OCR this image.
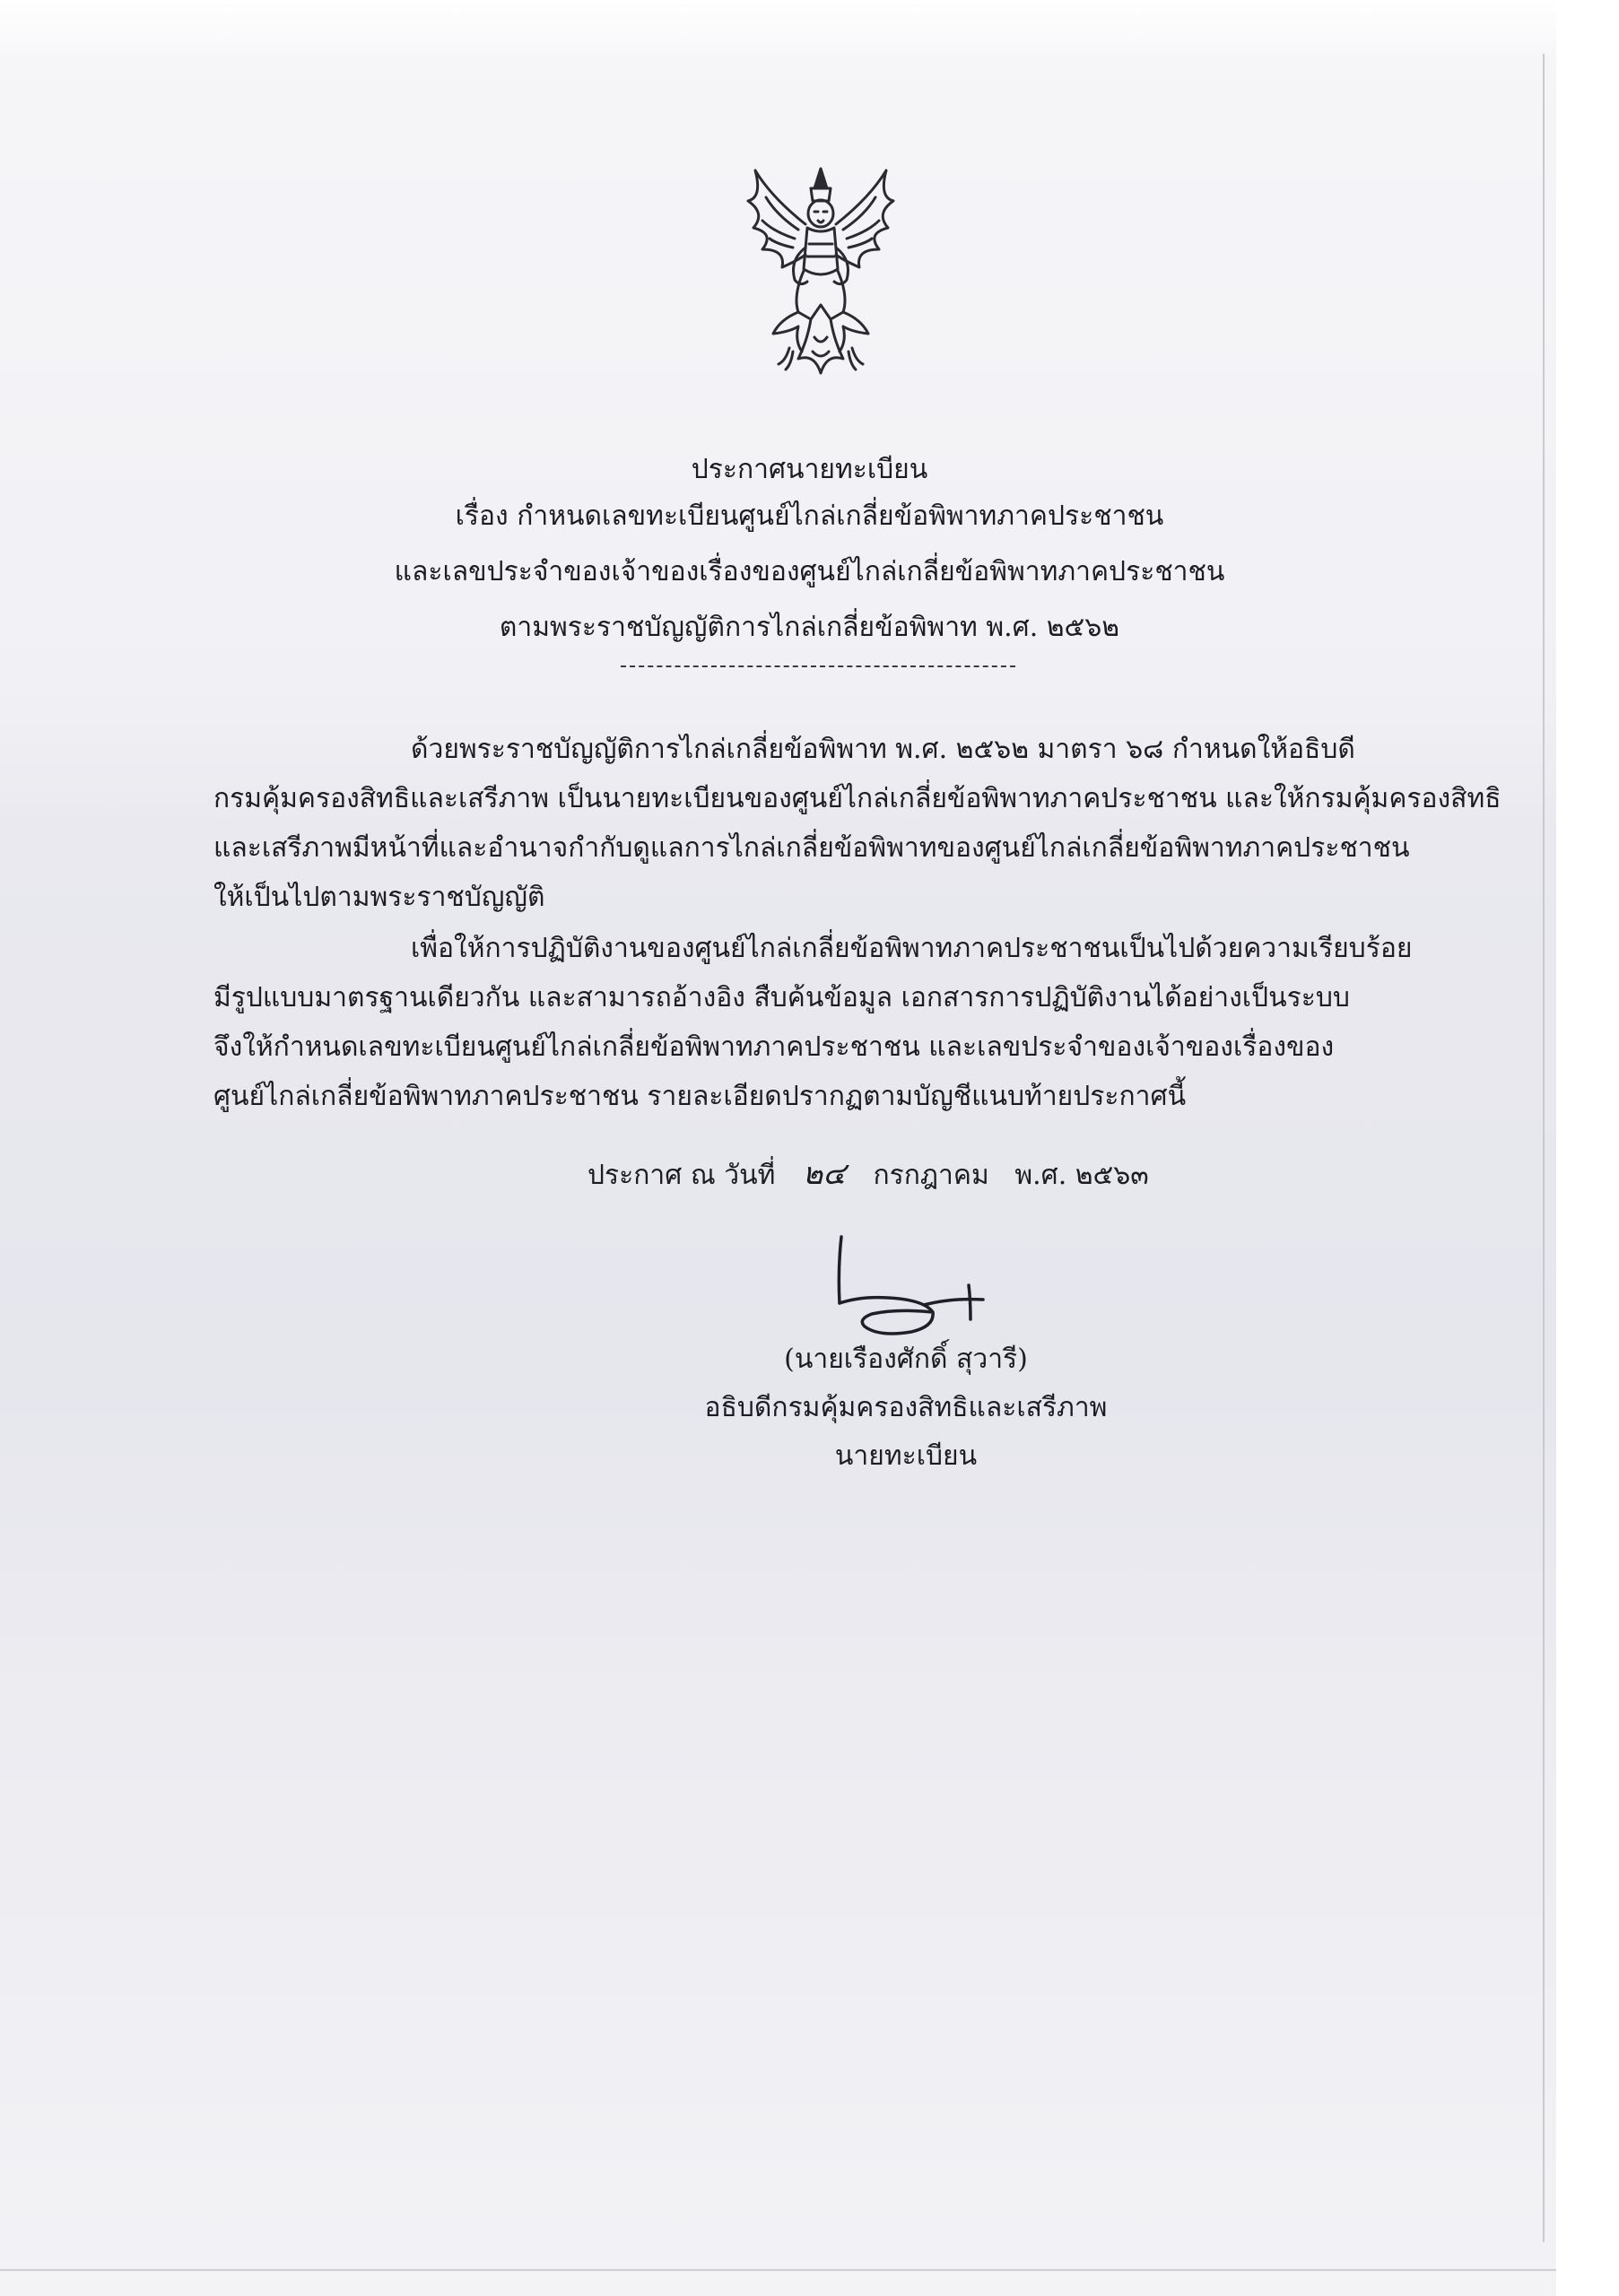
ประกาศนายทะเบียน
เรื่อง กำหนดเลขทะเบียนศูนย์ไกล่เกลี่ยข้อพิพาทภาคประชาชน
และเลขประจำของเจ้าของเรื่องของศูนย์ไกล่เกลี่ยข้อพิพาทภาคประชาชน
ตามพระราชบัญญัติการไกล่เกลี่ยข้อพิพาท พ.ศ. ๒๕๖๒
ด้วยพระราชบัญญัติการไกล่เกลี่ยข้อพิพาท พ.ศ. ๒๕๖๒ มาตรา ๖๘ กำหนดให้อธิบดี
กรมคุ้มครองสิทธิและเสรีภาพ เป็นนายทะเบียนของศูนย์ไกล่เกลี่ยข้อพิพาทภาคประชาชน และให้กรมคุ้มครองสิทธิ
และเสรีภาพมีหน้าที่และอำนาจกำกับดูแลการไกล่เกลี่ยข้อพิพาทของศูนย์ไกล่เกลี่ยข้อพิพาทภาคประชาชน
ให้เป็นไปตามพระราชบัญญัติ
เพื่อให้การปฏิบัติงานของศูนย์ไกล่เกลี่ยข้อพิพาทภาคประชาชนเป็นไปด้วยความเรียบร้อย
มีรูปแบบมาตรฐานเดียวกัน และสามารถอ้างอิง สืบค้นข้อมูล เอกสารการปฏิบัติงานได้อย่างเป็นระบบ
จึงให้กำหนดเลขทะเบียนศูนย์ไกล่เกลี่ยข้อพิพาทภาคประชาชน และเลขประจำของเจ้าของเรื่องของ
ศูนย์ไกล่เกลี่ยข้อพิพาทภาคประชาชน รายละเอียดปรากฏตามบัญชีแนบท้ายประกาศนี้
ประกาศ ณ วันที่ ๒๔ กรกฎาคม พ.ศ. ๒๕๖๓
(นายเรืองศักดิ์ สุวารี)
อธิบดีกรมคุ้มครองสิทธิและเสรีภาพ
นายทะเบียน
